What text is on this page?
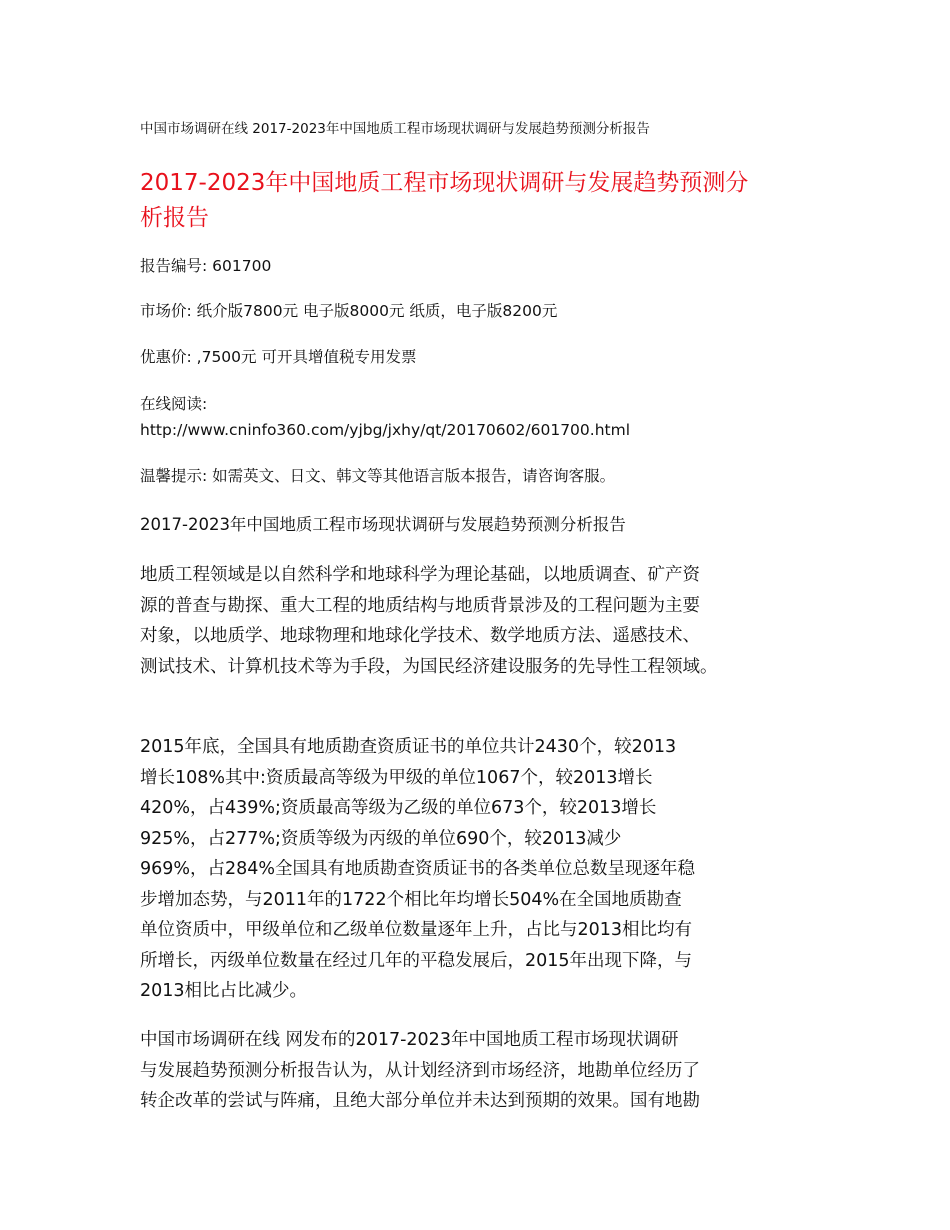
中国市场调研在线 2017-2023年中国地质工程市场现状调研与发展趋势预测分析报告
2017-2023年中国地质工程市场现状调研与发展趋势预测分
析报告
报告编号: 601700
市场价: 纸介版7800元 电子版8000元 纸质，电子版8200元
优惠价: ,7500元 可开具增值税专用发票
在线阅读:
http://www.cninfo360.com/yjbg/jxhy/qt/20170602/601700.html
温馨提示: 如需英文、日文、韩文等其他语言版本报告，请咨询客服。
2017-2023年中国地质工程市场现状调研与发展趋势预测分析报告

地质工程领域是以自然科学和地球科学为理论基础，以地质调查、矿产资
源的普查与勘探、重大工程的地质结构与地质背景涉及的工程问题为主要
对象，以地质学、地球物理和地球化学技术、数学地质方法、遥感技术、
测试技术、计算机技术等为手段，为国民经济建设服务的先导性工程领域。

2015年底，全国具有地质勘查资质证书的单位共计2430个，较2013
增长108%其中:资质最高等级为甲级的单位1067个，较2013增长
420%，占439%;资质最高等级为乙级的单位673个，较2013增长
925%，占277%;资质等级为丙级的单位690个，较2013减少
969%，占284%全国具有地质勘查资质证书的各类单位总数呈现逐年稳
步增加态势，与2011年的1722个相比年均增长504%在全国地质勘查
单位资质中，甲级单位和乙级单位数量逐年上升，占比与2013相比均有
所增长，丙级单位数量在经过几年的平稳发展后，2015年出现下降，与
2013相比占比减少。

中国市场调研在线 网发布的2017-2023年中国地质工程市场现状调研
与发展趋势预测分析报告认为，从计划经济到市场经济，地勘单位经历了
转企改革的尝试与阵痛，且绝大部分单位并未达到预期的效果。国有地勘
